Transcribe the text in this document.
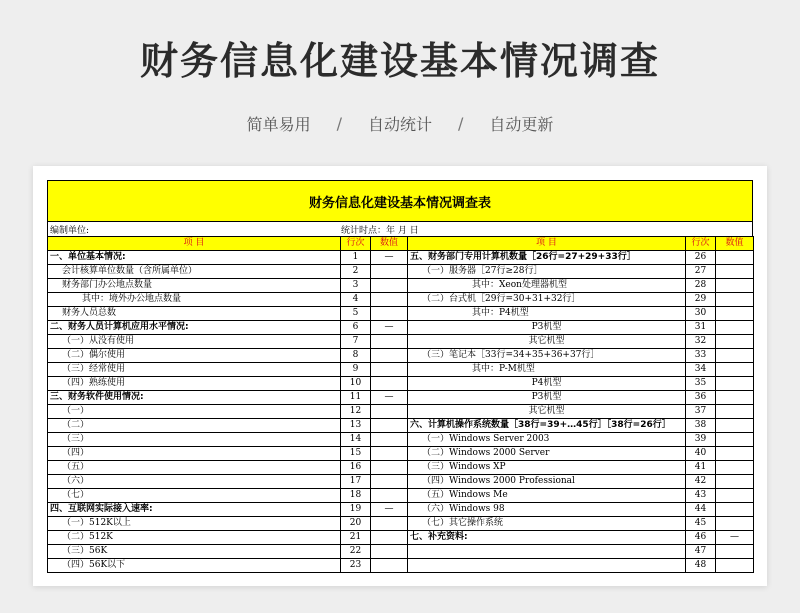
财务信息化建设基本情况调查
简单易用 / 自动统计 / 自动更新
财务信息化建设基本情况调查表
编制单位:	统计时点：年 月 日
项 目	行次	数值	项 目	行次	数值
一、单位基本情况:	1	—	五、财务部门专用计算机数量［26行=27+29+33行］	26	
会计核算单位数量（含所属单位）	2		（一）服务器［27行≥28行］	27	
财务部门办公地点数量	3		其中：Xeon处理器机型	28	
其中：境外办公地点数量	4		（二）台式机［29行=30+31+32行］	29	
财务人员总数	5		其中：P4机型	30	
二、财务人员计算机应用水平情况:	6	—	P3机型	31	
（一）从没有使用	7		其它机型	32	
（二）偶尔使用	8		（三）笔记本［33行=34+35+36+37行］	33	
（三）经常使用	9		其中：P-M机型	34	
（四）熟练使用	10		P4机型	35	
三、财务软件使用情况:	11	—	P3机型	36	
（一）	12		其它机型	37	
（二）	13		六、计算机操作系统数量［38行=39+…45行］［38行=26行］	38	
（三）	14		（一）Windows Server 2003	39	
（四）	15		（二）Windows 2000 Server	40	
（五）	16		（三）Windows XP	41	
（六）	17		（四）Windows 2000 Professional	42	
（七）	18		（五）Windows Me	43	
四、互联网实际接入速率:	19	—	（六）Windows 98	44	
（一）512K以上	20		（七）其它操作系统	45	
（二）512K	21		七、补充资料:	46	—
（三）56K	22			47	
（四）56K以下	23			48	
